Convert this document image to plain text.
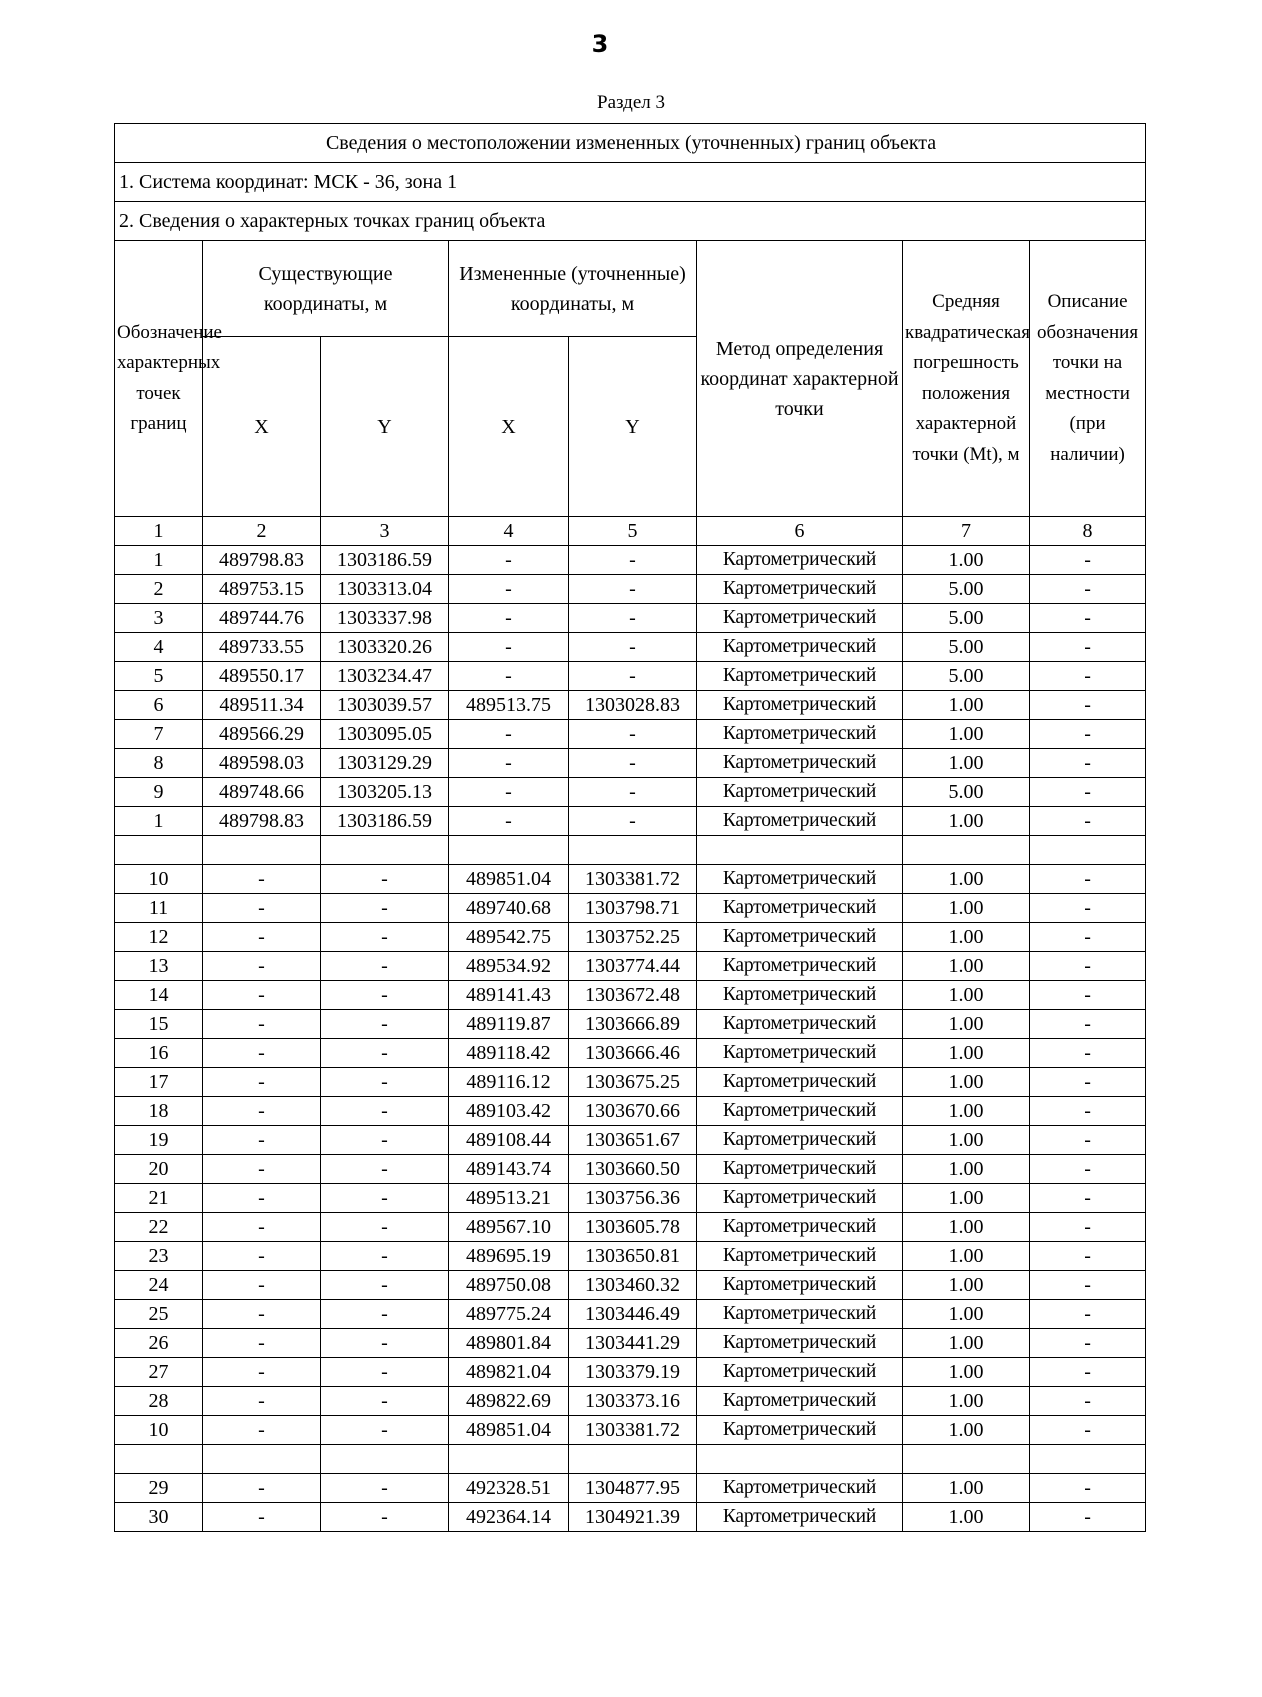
3
Раздел 3
Сведения о местоположении измененных (уточненных) границ объекта							
1. Система координат: МСК - 36, зона 1							
2. Сведения о характерных точках границ объекта							
Обозначение характерных точек границ	Существующие координаты, м		Измененные (уточненные) координаты, м		Метод определения координат характерной точки	Средняя квадратическая погрешность положения характерной точки (Mt), м	Описание обозначения точки на местности (при наличии)
	X	Y	X	Y			
1	2	3	4	5	6	7	8
1	489798.83	1303186.59	-	-	Картометрический	1.00	-
2	489753.15	1303313.04	-	-	Картометрический	5.00	-
3	489744.76	1303337.98	-	-	Картометрический	5.00	-
4	489733.55	1303320.26	-	-	Картометрический	5.00	-
5	489550.17	1303234.47	-	-	Картометрический	5.00	-
6	489511.34	1303039.57	489513.75	1303028.83	Картометрический	1.00	-
7	489566.29	1303095.05	-	-	Картометрический	1.00	-
8	489598.03	1303129.29	-	-	Картометрический	1.00	-
9	489748.66	1303205.13	-	-	Картометрический	5.00	-
1	489798.83	1303186.59	-	-	Картометрический	1.00	-

10	-	-	489851.04	1303381.72	Картометрический	1.00	-
11	-	-	489740.68	1303798.71	Картометрический	1.00	-
12	-	-	489542.75	1303752.25	Картометрический	1.00	-
13	-	-	489534.92	1303774.44	Картометрический	1.00	-
14	-	-	489141.43	1303672.48	Картометрический	1.00	-
15	-	-	489119.87	1303666.89	Картометрический	1.00	-
16	-	-	489118.42	1303666.46	Картометрический	1.00	-
17	-	-	489116.12	1303675.25	Картометрический	1.00	-
18	-	-	489103.42	1303670.66	Картометрический	1.00	-
19	-	-	489108.44	1303651.67	Картометрический	1.00	-
20	-	-	489143.74	1303660.50	Картометрический	1.00	-
21	-	-	489513.21	1303756.36	Картометрический	1.00	-
22	-	-	489567.10	1303605.78	Картометрический	1.00	-
23	-	-	489695.19	1303650.81	Картометрический	1.00	-
24	-	-	489750.08	1303460.32	Картометрический	1.00	-
25	-	-	489775.24	1303446.49	Картометрический	1.00	-
26	-	-	489801.84	1303441.29	Картометрический	1.00	-
27	-	-	489821.04	1303379.19	Картометрический	1.00	-
28	-	-	489822.69	1303373.16	Картометрический	1.00	-
10	-	-	489851.04	1303381.72	Картометрический	1.00	-

29	-	-	492328.51	1304877.95	Картометрический	1.00	-
30	-	-	492364.14	1304921.39	Картометрический	1.00	-
